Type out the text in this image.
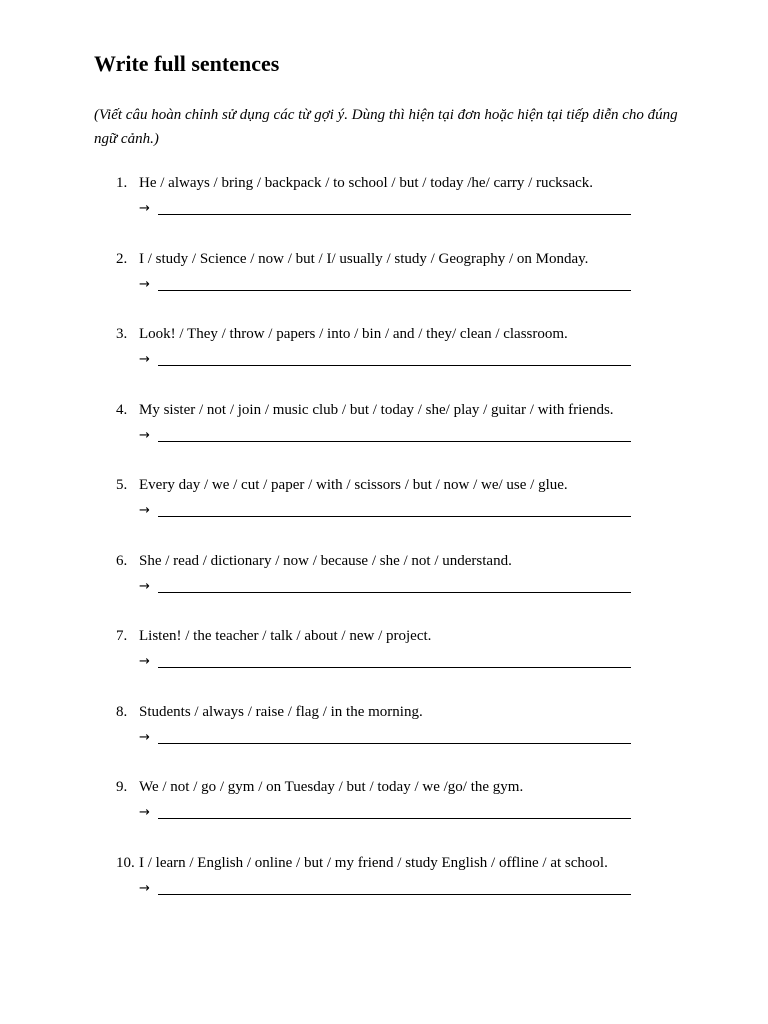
Write full sentences

(Viết câu hoàn chỉnh sử dụng các từ gợi ý. Dùng thì hiện tại đơn hoặc hiện tại tiếp diễn cho đúng ngữ cảnh.)

1. He / always / bring / backpack / to school / but / today /he/ carry / rucksack.
→
2. I / study / Science / now / but / I/ usually / study / Geography / on Monday.
→
3. Look! / They / throw / papers / into / bin / and / they/ clean / classroom.
→
4. My sister / not / join / music club / but / today / she/ play / guitar / with friends.
→
5. Every day / we / cut / paper / with / scissors / but / now / we/ use / glue.
→
6. She / read / dictionary / now / because / she / not / understand.
→
7. Listen! / the teacher / talk / about / new / project.
→
8. Students / always / raise / flag / in the morning.
→
9. We / not / go / gym / on Tuesday / but / today / we /go/ the gym.
→
10. I / learn / English / online / but / my friend / study English / offline / at school.
→
